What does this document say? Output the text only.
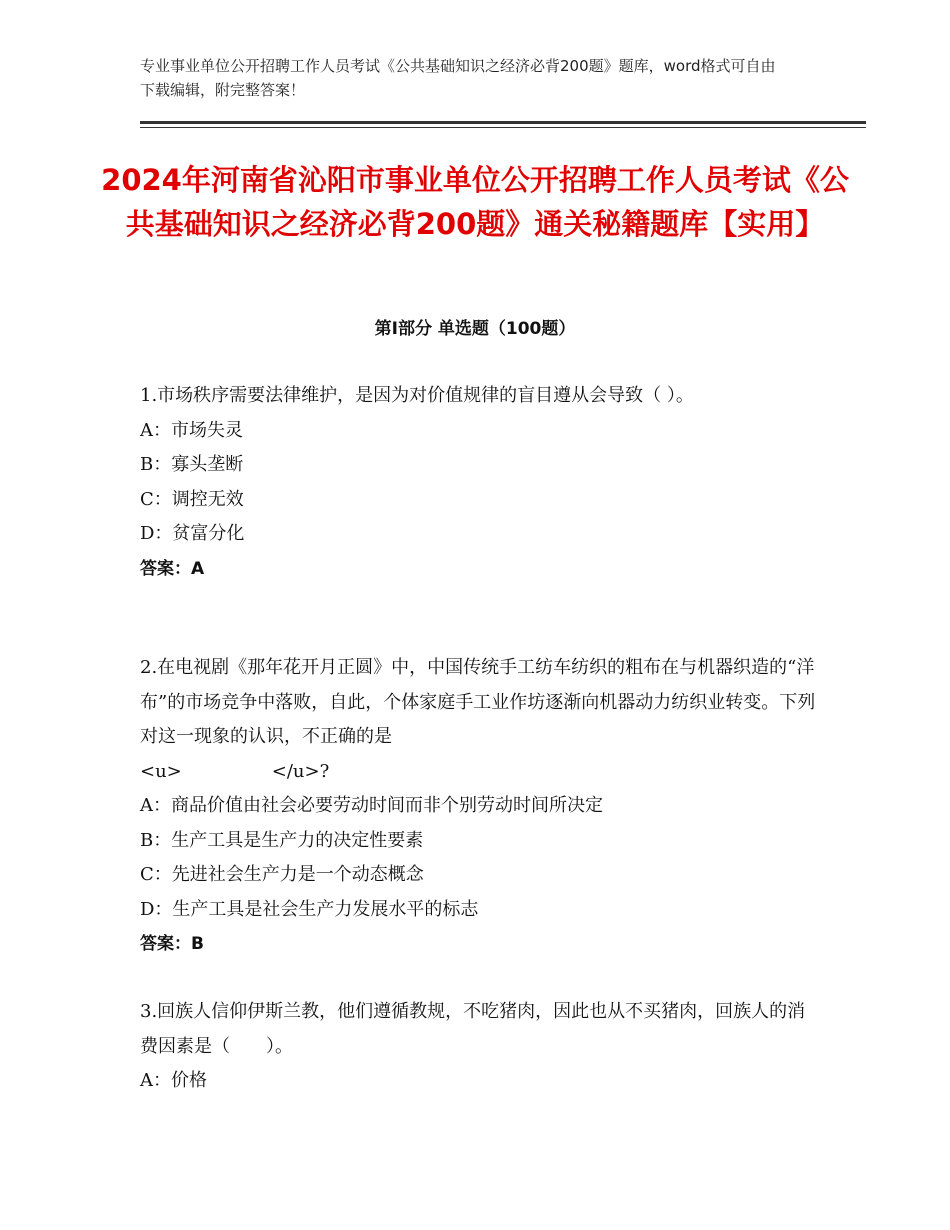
专业事业单位公开招聘工作人员考试《公共基础知识之经济必背200题》题库，word格式可自由下载编辑，附完整答案！
2024年河南省沁阳市事业单位公开招聘工作人员考试《公共基础知识之经济必背200题》通关秘籍题库【实用】
第Ⅰ部分 单选题（100题）

1.市场秩序需要法律维护，是因为对价值规律的盲目遵从会导致（ ）。

A：市场失灵

B：寡头垄断

C：调控无效

D：贫富分化

答案：A

2.在电视剧《那年花开月正圆》中，中国传统手工纺车纺织的粗布在与机器织造的“洋布”的市场竞争中落败，自此，个体家庭手工业作坊逐渐向机器动力纺织业转变。下列对这一现象的认识，不正确的是

<u>	</u>?

A：商品价值由社会必要劳动时间而非个别劳动时间所决定

B：生产工具是生产力的决定性要素

C：先进社会生产力是一个动态概念

D：生产工具是社会生产力发展水平的标志

答案：B

3.回族人信仰伊斯兰教，他们遵循教规，不吃猪肉，因此也从不买猪肉，回族人的消费因素是（　　）。

A：价格
